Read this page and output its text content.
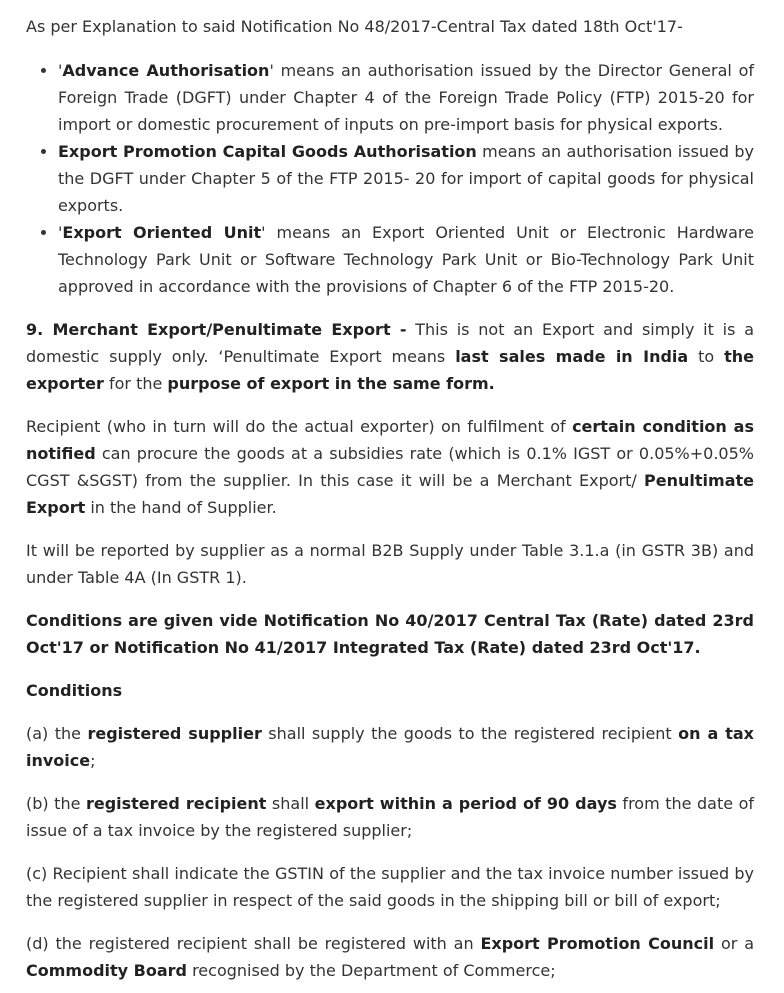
As per Explanation to said Notification No 48/2017-Central Tax dated 18th Oct'17-

• 'Advance Authorisation' means an authorisation issued by the Director General of Foreign Trade (DGFT) under Chapter 4 of the Foreign Trade Policy (FTP) 2015-20 for import or domestic procurement of inputs on pre-import basis for physical exports.
• Export Promotion Capital Goods Authorisation means an authorisation issued by the DGFT under Chapter 5 of the FTP 2015- 20 for import of capital goods for physical exports.
• 'Export Oriented Unit' means an Export Oriented Unit or Electronic Hardware Technology Park Unit or Software Technology Park Unit or Bio-Technology Park Unit approved in accordance with the provisions of Chapter 6 of the FTP 2015-20.

9. Merchant Export/Penultimate Export - This is not an Export and simply it is a domestic supply only. ‘Penultimate Export means last sales made in India to the exporter for the purpose of export in the same form.

Recipient (who in turn will do the actual exporter) on fulfilment of certain condition as notified can procure the goods at a subsidies rate (which is 0.1% IGST or 0.05%+0.05% CGST &SGST) from the supplier. In this case it will be a Merchant Export/ Penultimate Export in the hand of Supplier.

It will be reported by supplier as a normal B2B Supply under Table 3.1.a (in GSTR 3B) and under Table 4A (In GSTR 1).

Conditions are given vide Notification No 40/2017 Central Tax (Rate) dated 23rd Oct'17 or Notification No 41/2017 Integrated Tax (Rate) dated 23rd Oct'17.

Conditions

(a) the registered supplier shall supply the goods to the registered recipient on a tax invoice;

(b) the registered recipient shall export within a period of 90 days from the date of issue of a tax invoice by the registered supplier;

(c) Recipient shall indicate the GSTIN of the supplier and the tax invoice number issued by the registered supplier in respect of the said goods in the shipping bill or bill of export;

(d) the registered recipient shall be registered with an Export Promotion Council or a Commodity Board recognised by the Department of Commerce;
